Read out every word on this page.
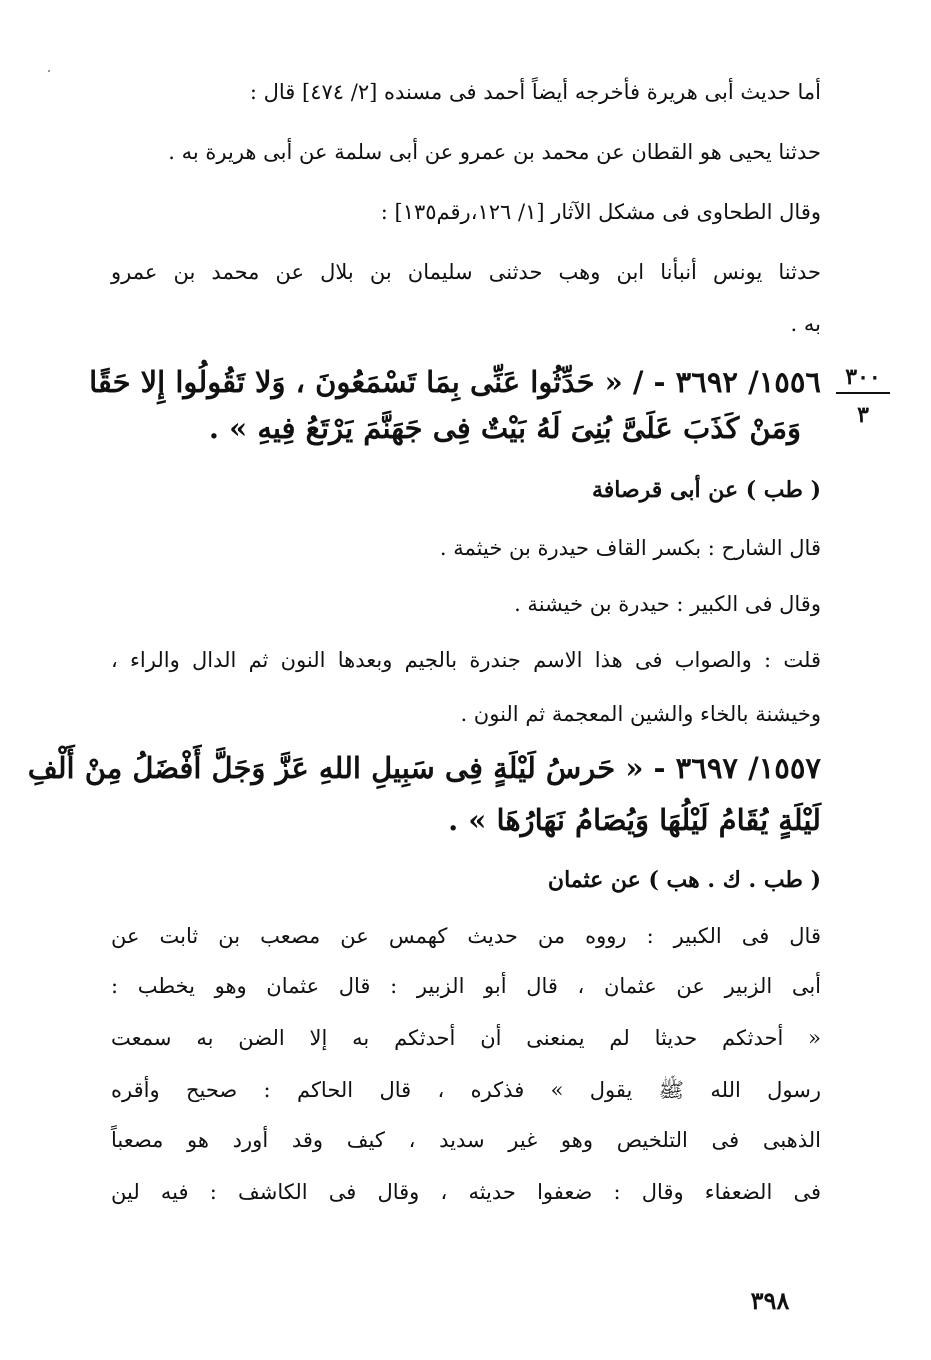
أما حديث أبى هريرة فأخرجه أيضاً أحمد فى مسنده [٢/ ٤٧٤] قال :
حدثنا يحيى هو القطان عن محمد بن عمرو عن أبى سلمة عن أبى هريرة به .
وقال الطحاوى فى مشكل الآثار [١/ ١٢٦،رقم١٣٥] :
حدثنا يونس أنبأنا ابن وهب حدثنى سليمان بن بلال عن محمد بن عمرو
به .
٣٠٠
٣
١٥٥٦/ ٣٦٩٢ - / « حَدِّثُوا عَنِّى بِمَا تَسْمَعُونَ ، وَلا تَقُولُوا إِلا حَقًا
وَمَنْ كَذَبَ عَلَىَّ بُنِىَ لَهُ بَيْتٌ فِى جَهَنَّمَ يَرْتَعُ فِيهِ » .
( طب ) عن أبى قرصافة
قال الشارح : بكسر القاف حيدرة بن خيثمة .
وقال فى الكبير : حيدرة بن خيشنة .
قلت : والصواب فى هذا الاسم جندرة بالجيم وبعدها النون ثم الدال والراء ،
وخيشنة بالخاء والشين المعجمة ثم النون .
١٥٥٧/ ٣٦٩٧ - « حَرسُ لَيْلَةٍ فِى سَبِيلِ اللهِ عَزَّ وَجَلَّ أَفْضَلُ مِنْ أَلْفِ
لَيْلَةٍ يُقَامُ لَيْلُهَا وَيُصَامُ نَهَارُهَا » .
( طب . ك . هب ) عن عثمان
قال فى الكبير : رووه من حديث كهمس عن مصعب بن ثابت عن
أبى الزبير عن عثمان ، قال أبو الزبير : قال عثمان وهو يخطب :
« أحدثكم حديثا لم يمنعنى أن أحدثكم به إلا الضن به سمعت
رسول الله ﷺ يقول » فذكره ، قال الحاكم : صحيح وأقره
الذهبى فى التلخيص وهو غير سديد ، كيف وقد أورد هو مصعباً
فى الضعفاء وقال : ضعفوا حديثه ، وقال فى الكاشف : فيه لين
٣٩٨
